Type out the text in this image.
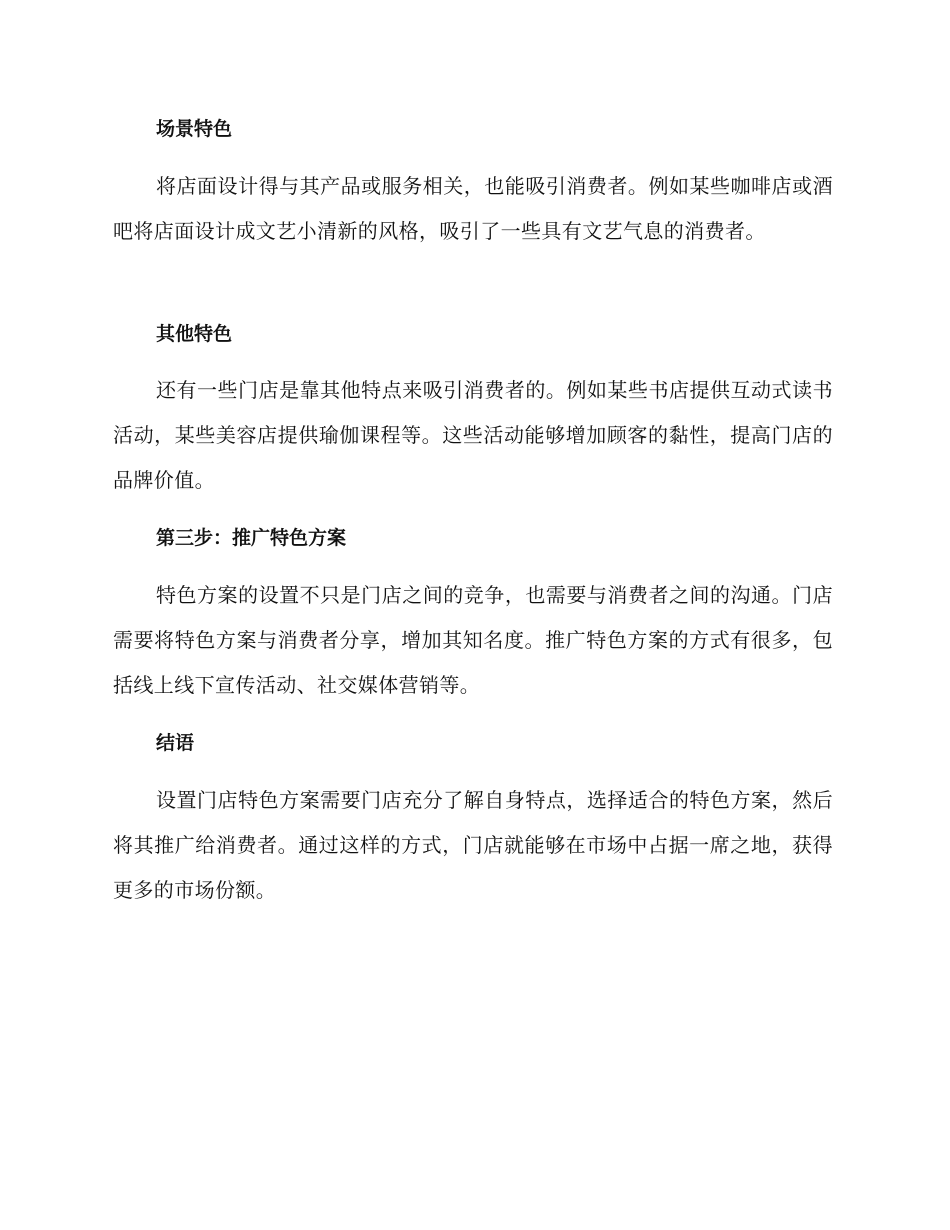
场景特色

将店面设计得与其产品或服务相关，也能吸引消费者。例如某些咖啡店或酒吧将店面设计成文艺小清新的风格，吸引了一些具有文艺气息的消费者。

其他特色

还有一些门店是靠其他特点来吸引消费者的。例如某些书店提供互动式读书活动，某些美容店提供瑜伽课程等。这些活动能够增加顾客的黏性，提高门店的品牌价值。

第三步：推广特色方案

特色方案的设置不只是门店之间的竞争，也需要与消费者之间的沟通。门店需要将特色方案与消费者分享，增加其知名度。推广特色方案的方式有很多，包括线上线下宣传活动、社交媒体营销等。

结语

设置门店特色方案需要门店充分了解自身特点，选择适合的特色方案，然后将其推广给消费者。通过这样的方式，门店就能够在市场中占据一席之地，获得更多的市场份额。
